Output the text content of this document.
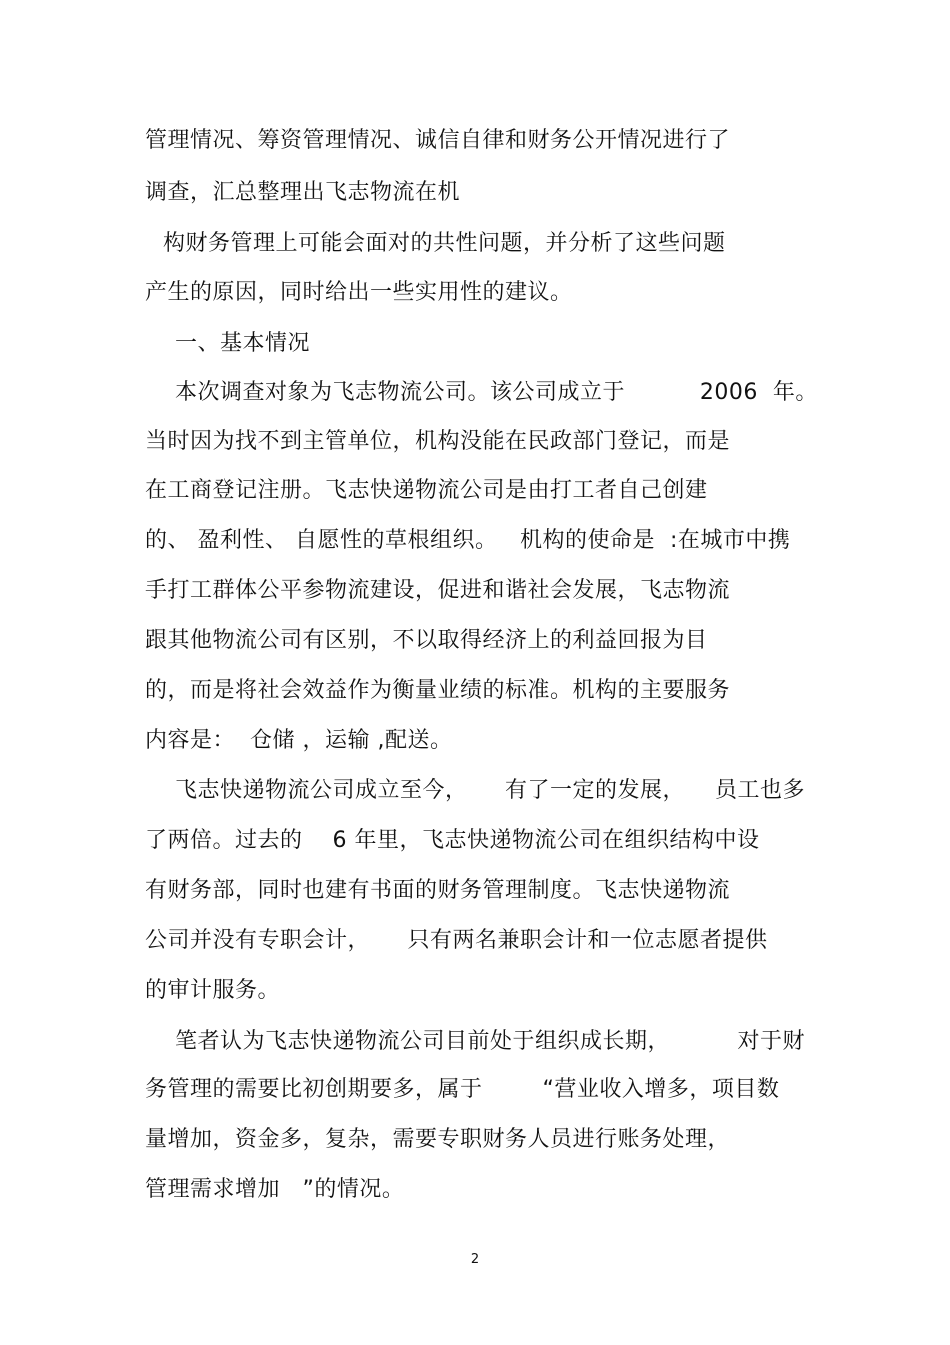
管理情况、筹资管理情况、诚信自律和财务公开情况进行了
调查，汇总整理出飞志物流在机
构财务管理上可能会面对的共性问题，并分析了这些问题
产生的原因，同时给出一些实用性的建议。
一、基本情况
本次调查对象为飞志物流公司。该公司成立于          2006  年。
当时因为找不到主管单位，机构没能在民政部门登记，而是
在工商登记注册。飞志快递物流公司是由打工者自己创建
的、 盈利性、 自愿性的草根组织。   机构的使命是  :在城市中携
手打工群体公平参物流建设，促进和谐社会发展，飞志物流
跟其他物流公司有区别，不以取得经济上的利益回报为目
的，而是将社会效益作为衡量业绩的标准。机构的主要服务
内容是：  仓储 ，运输 ,配送。
飞志快递物流公司成立至今，     有了一定的发展，    员工也多
了两倍。过去的    6 年里，飞志快递物流公司在组织结构中设
有财务部，同时也建有书面的财务管理制度。飞志快递物流
公司并没有专职会计，     只有两名兼职会计和一位志愿者提供
的审计服务。
笔者认为飞志快递物流公司目前处于组织成长期，         对于财
务管理的需要比初创期要多，属于        “营业收入增多，项目数
量增加，资金多，复杂，需要专职财务人员进行账务处理，
管理需求增加   ”的情况。
2
